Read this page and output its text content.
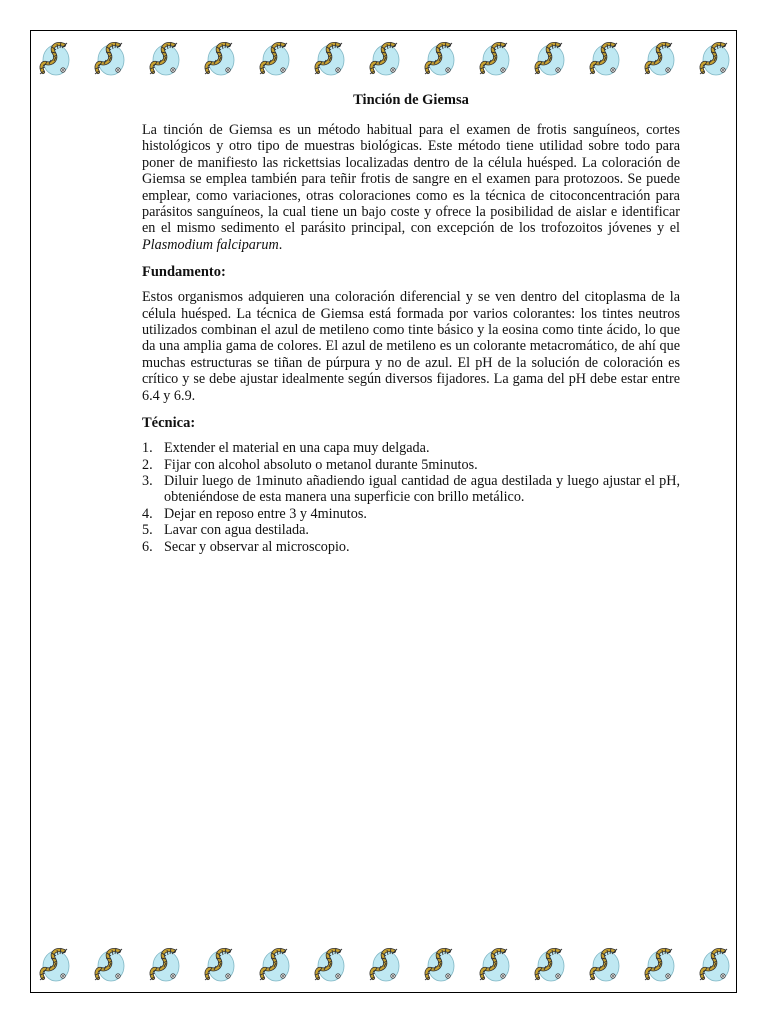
Tinción de Giemsa

La tinción de Giemsa es un método habitual para el examen de frotis sanguíneos, cortes histológicos y otro tipo de muestras biológicas. Este método tiene utilidad sobre todo para poner de manifiesto las rickettsias localizadas dentro de la célula huésped. La coloración de Giemsa se emplea también para teñir frotis de sangre en el examen para protozoos. Se puede emplear, como variaciones, otras coloraciones como es la técnica de citoconcentración para parásitos sanguíneos, la cual tiene un bajo coste y ofrece la posibilidad de aislar e identificar en el mismo sedimento el parásito principal, con excepción de los trofozoitos jóvenes y el Plasmodium falciparum.

Fundamento:

Estos organismos adquieren una coloración diferencial y se ven dentro del citoplasma de la célula huésped. La técnica de Giemsa está formada por varios colorantes: los tintes neutros utilizados combinan el azul de metileno como tinte básico y la eosina como tinte ácido, lo que da una amplia gama de colores. El azul de metileno es un colorante metacromático, de ahí que muchas estructuras se tiñan de púrpura y no de azul. El pH de la solución de coloración es crítico y se debe ajustar idealmente según diversos fijadores. La gama del pH debe estar entre 6.4 y 6.9.

Técnica:
1. Extender el material en una capa muy delgada.
2. Fijar con alcohol absoluto o metanol durante 5minutos.
3. Diluir luego de 1minuto añadiendo igual cantidad de agua destilada y luego ajustar el pH, obteniéndose de esta manera una superficie con brillo metálico.
4. Dejar en reposo entre 3 y 4minutos.
5. Lavar con agua destilada.
6. Secar y observar al microscopio.
